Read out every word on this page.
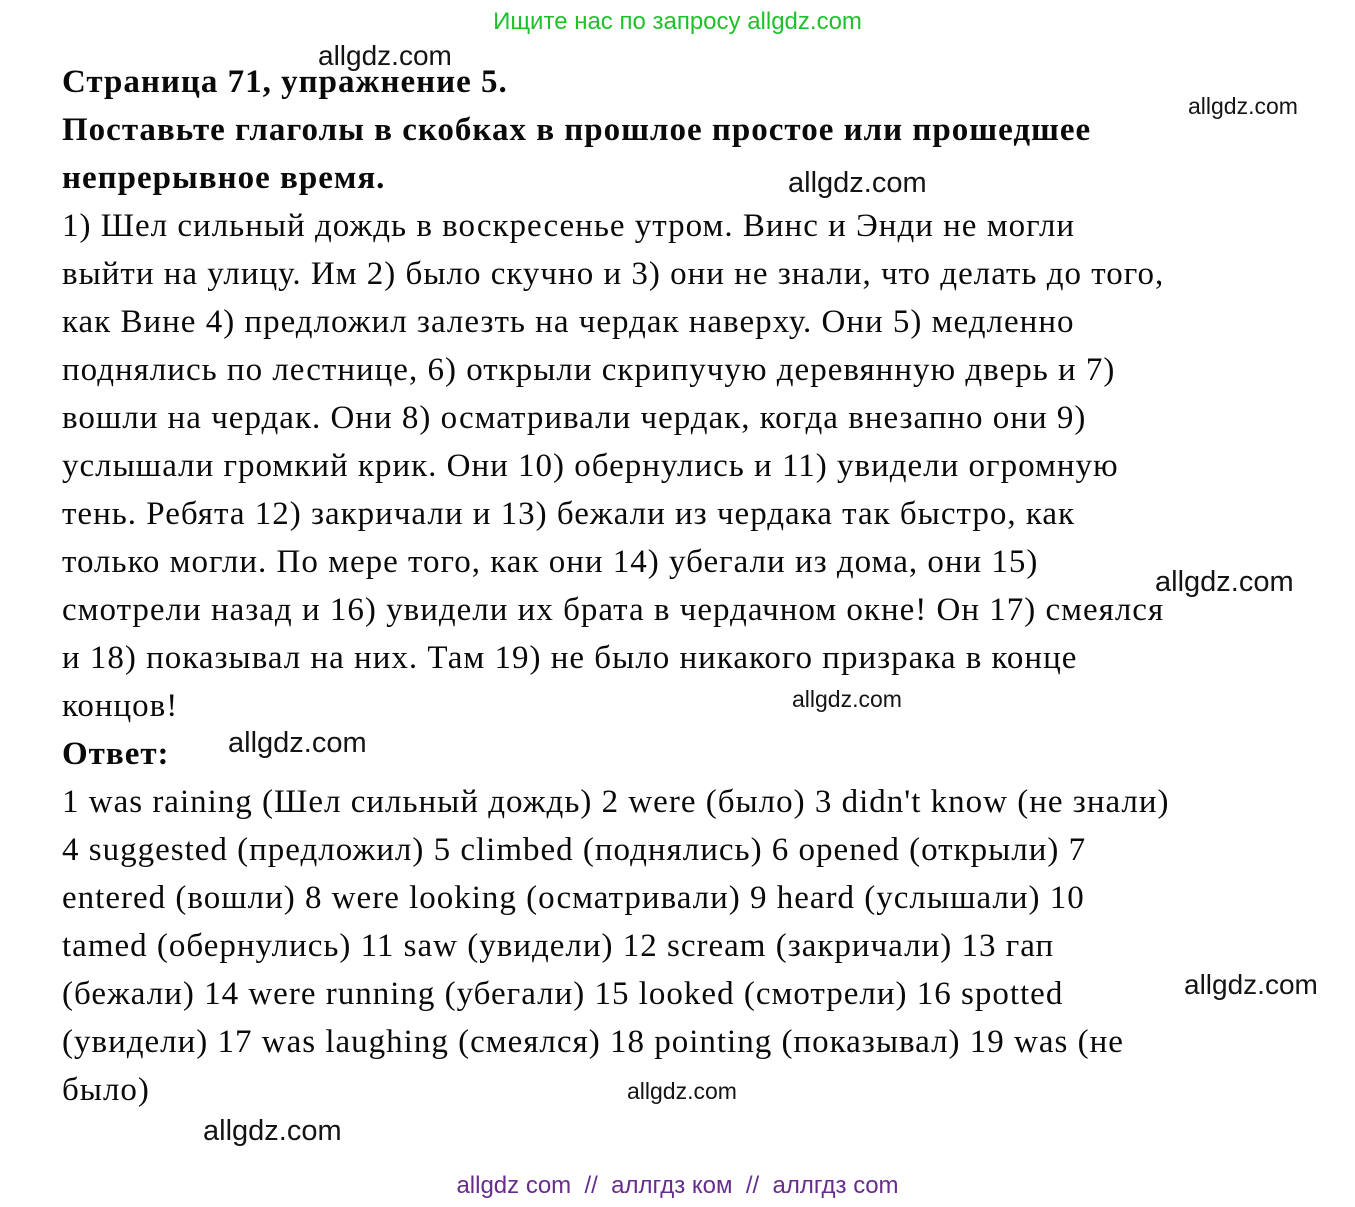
Ищите нас по запросу allgdz.com
allgdz.com
allgdz.com
allgdz.com
allgdz.com
allgdz.com
allgdz.com
allgdz.com
allgdz.com
allgdz.com
Страница 71, упражнение 5.
Поставьте глаголы в скобках в прошлое простое или прошедшее
непрерывное время.
1) Шел сильный дождь в воскресенье утром. Винс и Энди не могли
выйти на улицу. Им 2) было скучно и 3) они не знали, что делать до того,
как Вине 4) предложил залезть на чердак наверху. Они 5) медленно
поднялись по лестнице, 6) открыли скрипучую деревянную дверь и 7)
вошли на чердак. Они 8) осматривали чердак, когда внезапно они 9)
услышали громкий крик. Они 10) обернулись и 11) увидели огромную
тень. Ребята 12) закричали и 13) бежали из чердака так быстро, как
только могли. По мере того, как они 14) убегали из дома, они 15)
смотрели назад и 16) увидели их брата в чердачном окне! Он 17) смеялся
и 18) показывал на них. Там 19) не было никакого призрака в конце
концов!
Ответ:
1 was raining (Шел сильный дождь) 2 were (было) 3 didn't know (не знали)
4 suggested (предложил) 5 climbed (поднялись) 6 opened (открыли) 7
entered (вошли) 8 were looking (осматривали) 9 heard (услышали) 10
tamed (обернулись) 11 saw (увидели) 12 scream (закричали) 13 гап
(бежали) 14 were running (убегали) 15 looked (смотрели) 16 spotted
(увидели) 17 was laughing (смеялся) 18 pointing (показывал) 19 was (не
было)
allgdz com  //  аллгдз ком  //  аллгдз com
